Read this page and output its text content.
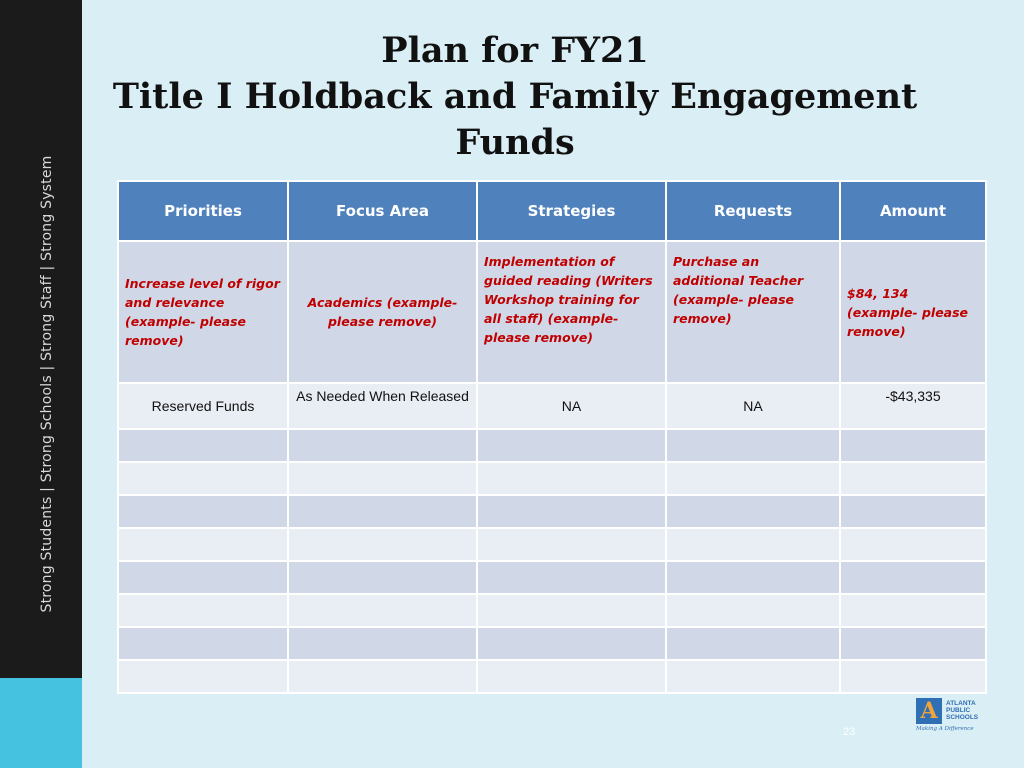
Strong Students | Strong Schools | Strong Staff | Strong System
Plan for FY21
Title I Holdback and Family Engagement
Funds
Priorities	Focus Area	Strategies	Requests	Amount

Increase level of rigor and relevance (example- please remove)	Academics (example- please remove)	Implementation of guided reading (Writers Workshop training for all staff) (example- please remove)	Purchase an additional Teacher (example- please remove)	$84, 134 (example- please remove)

Reserved Funds	As Needed When Released	NA	NA	-$43,335

A	ATLANTA PUBLIC SCHOOLS
Making A Difference
23
